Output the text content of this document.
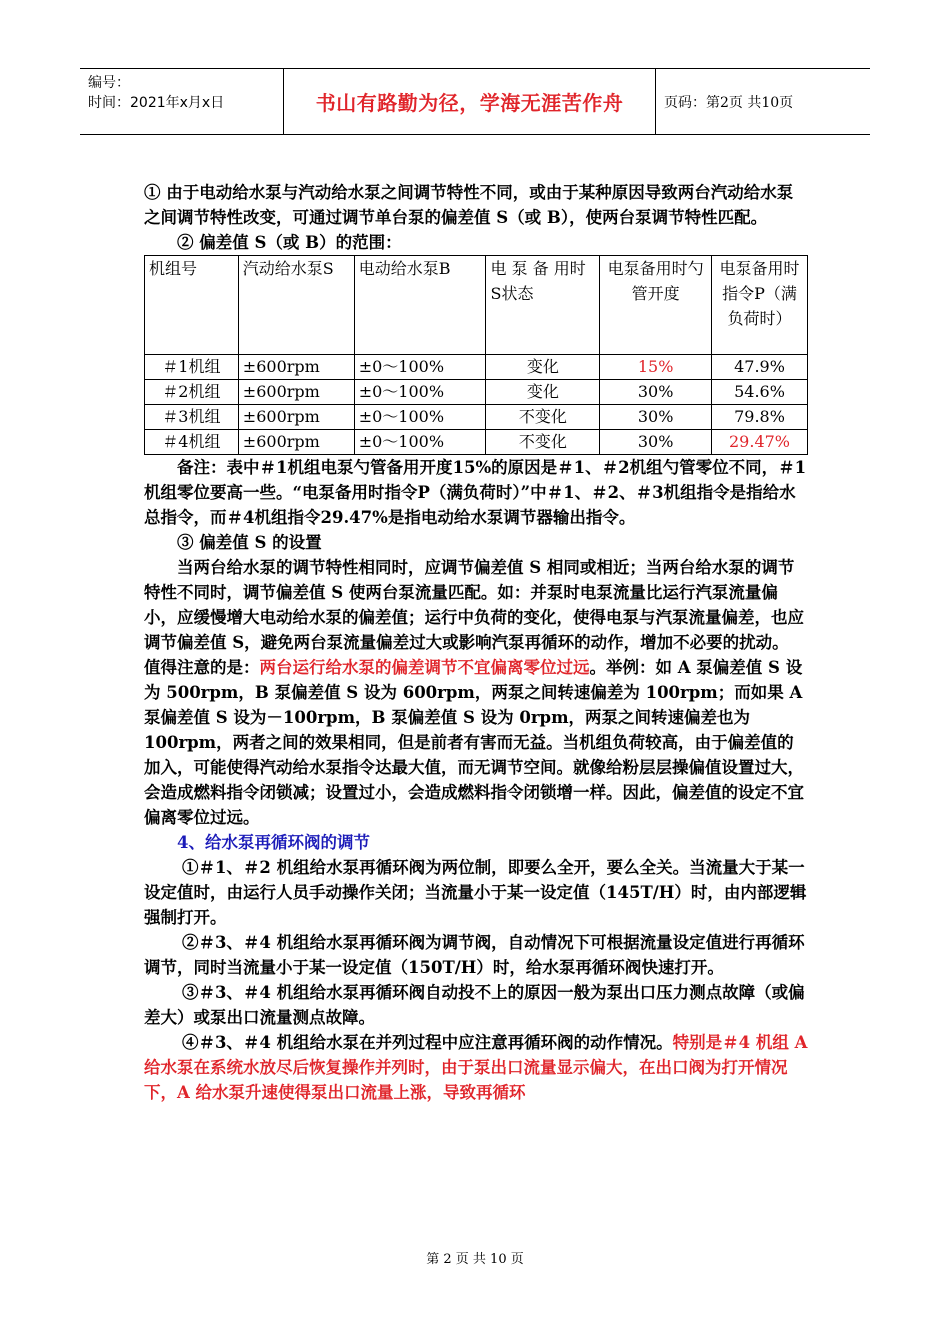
编号：
时间：2021年x月x日	书山有路勤为径，学海无涯苦作舟	页码：第2页 共10页

① 由于电动给水泵与汽动给水泵之间调节特性不同，或由于某种原因导致两台汽动给水泵之间调节特性改变，可通过调节单台泵的偏差值 S（或 B），使两台泵调节特性匹配。

② 偏差值 S（或 B）的范围：

机组号	汽动给水泵S	电动给水泵B	电 泵 备 用时S状态	电泵备用时勺管开度	电泵备用时指令P（满负荷时）
＃1机组	±600rpm	±0～100%	变化	15%	47.9%
＃2机组	±600rpm	±0～100%	变化	30%	54.6%
＃3机组	±600rpm	±0～100%	不变化	30%	79.8%
＃4机组	±600rpm	±0～100%	不变化	30%	29.47%

备注：表中＃1机组电泵勺管备用开度15%的原因是＃1、＃2机组勺管零位不同，＃1机组零位要高一些。“电泵备用时指令P（满负荷时）”中＃1、＃2、＃3机组指令是指给水总指令，而＃4机组指令29.47%是指电动给水泵调节器输出指令。

③ 偏差值 S 的设置

当两台给水泵的调节特性相同时，应调节偏差值 S 相同或相近；当两台给水泵的调节特性不同时，调节偏差值 S 使两台泵流量匹配。如：并泵时电泵流量比运行汽泵流量偏小，应缓慢增大电动给水泵的偏差值；运行中负荷的变化，使得电泵与汽泵流量偏差，也应调节偏差值 S，避免两台泵流量偏差过大或影响汽泵再循环的动作，增加不必要的扰动。 值得注意的是：两台运行给水泵的偏差调节不宜偏离零位过远。举例：如 A 泵偏差值 S 设为 500rpm，B 泵偏差值 S 设为 600rpm，两泵之间转速偏差为 100rpm；而如果 A 泵偏差值 S 设为－100rpm，B 泵偏差值 S 设为 0rpm，两泵之间转速偏差也为 100rpm，两者之间的效果相同，但是前者有害而无益。当机组负荷较高，由于偏差值的加入，可能使得汽动给水泵指令达最大值，而无调节空间。就像给粉层层操偏值设置过大，会造成燃料指令闭锁减；设置过小，会造成燃料指令闭锁增一样。因此，偏差值的设定不宜偏离零位过远。

4、给水泵再循环阀的调节

①＃1、＃2 机组给水泵再循环阀为两位制，即要么全开，要么全关。当流量大于某一设定值时，由运行人员手动操作关闭；当流量小于某一设定值（145T/H）时，由内部逻辑强制打开。

②＃3、＃4 机组给水泵再循环阀为调节阀，自动情况下可根据流量设定值进行再循环调节，同时当流量小于某一设定值（150T/H）时，给水泵再循环阀快速打开。

③＃3、＃4 机组给水泵再循环阀自动投不上的原因一般为泵出口压力测点故障（或偏差大）或泵出口流量测点故障。

④＃3、＃4 机组给水泵在并列过程中应注意再循环阀的动作情况。特别是＃4 机组 A 给水泵在系统水放尽后恢复操作并列时，由于泵出口流量显示偏大，在出口阀为打开情况下，A 给水泵升速使得泵出口流量上涨，导致再循环

第 2 页 共 10 页
